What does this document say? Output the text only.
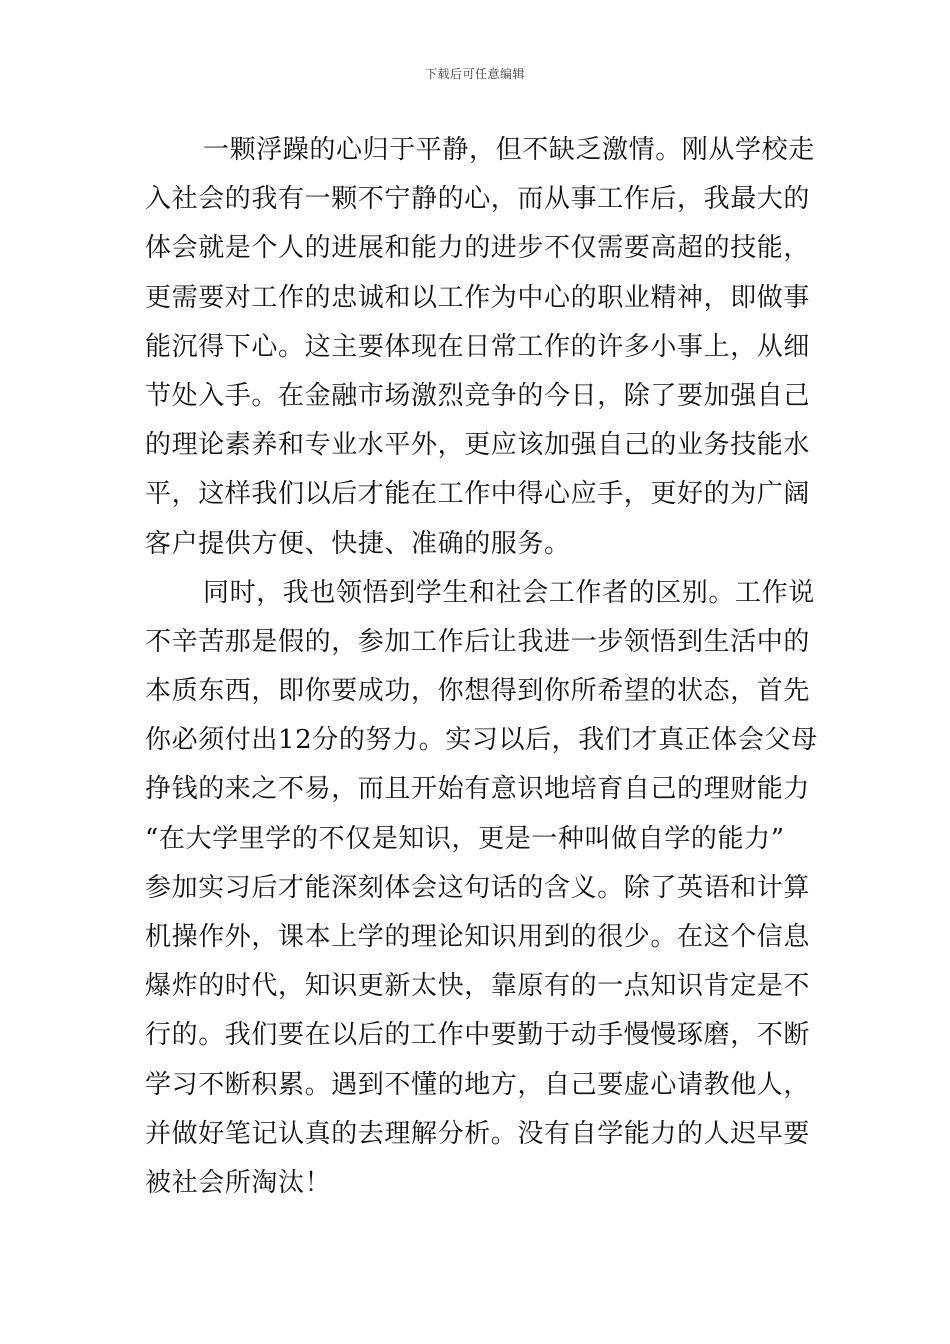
下载后可任意编辑
一颗浮躁的心归于平静，但不缺乏激情。刚从学校走
入社会的我有一颗不宁静的心，而从事工作后，我最大的
体会就是个人的进展和能力的进步不仅需要高超的技能，
更需要对工作的忠诚和以工作为中心的职业精神，即做事
能沉得下心。这主要体现在日常工作的许多小事上，从细
节处入手。在金融市场激烈竞争的今日，除了要加强自己
的理论素养和专业水平外，更应该加强自己的业务技能水
平，这样我们以后才能在工作中得心应手，更好的为广阔
客户提供方便、快捷、准确的服务。
同时，我也领悟到学生和社会工作者的区别。工作说
不辛苦那是假的，参加工作后让我进一步领悟到生活中的
本质东西，即你要成功，你想得到你所希望的状态，首先
你必须付出12分的努力。实习以后，我们才真正体会父母
挣钱的来之不易，而且开始有意识地培育自己的理财能力
“在大学里学的不仅是知识，更是一种叫做自学的能力”
参加实习后才能深刻体会这句话的含义。除了英语和计算
机操作外，课本上学的理论知识用到的很少。在这个信息
爆炸的时代，知识更新太快，靠原有的一点知识肯定是不
行的。我们要在以后的工作中要勤于动手慢慢琢磨，不断
学习不断积累。遇到不懂的地方，自己要虚心请教他人，
并做好笔记认真的去理解分析。没有自学能力的人迟早要
被社会所淘汰！
